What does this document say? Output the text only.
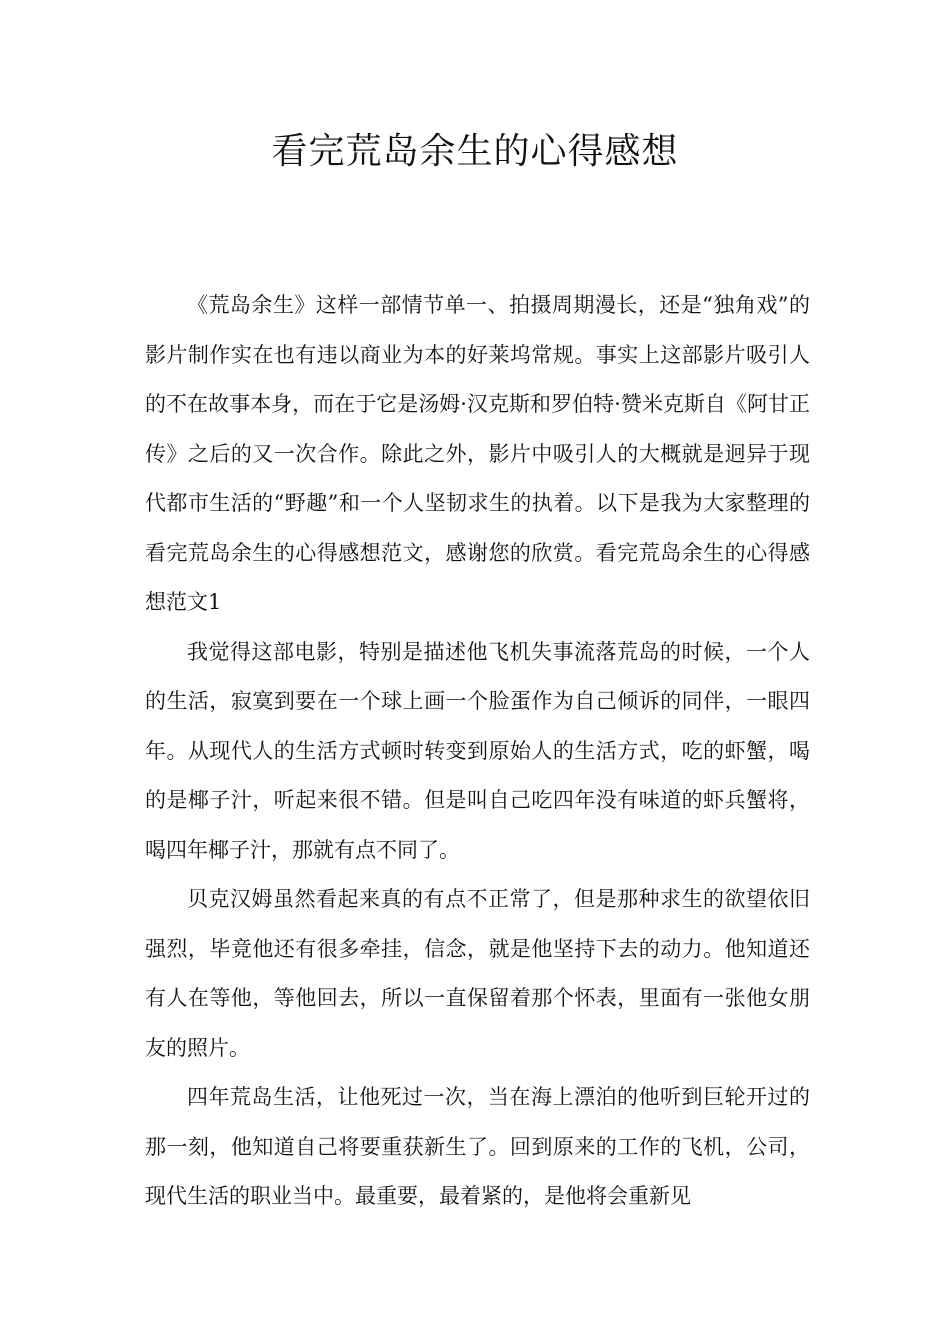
看完荒岛余生的心得感想

《荒岛余生》这样一部情节单一、拍摄周期漫长，还是“独角戏”的影片制作实在也有违以商业为本的好莱坞常规。事实上这部影片吸引人的不在故事本身，而在于它是汤姆·汉克斯和罗伯特·赞米克斯自《阿甘正传》之后的又一次合作。除此之外，影片中吸引人的大概就是迥异于现代都市生活的“野趣”和一个人坚韧求生的执着。以下是我为大家整理的看完荒岛余生的心得感想范文，感谢您的欣赏。看完荒岛余生的心得感想范文1

我觉得这部电影，特别是描述他飞机失事流落荒岛的时候，一个人的生活，寂寞到要在一个球上画一个脸蛋作为自己倾诉的同伴，一眼四年。从现代人的生活方式顿时转变到原始人的生活方式，吃的虾蟹，喝的是椰子汁，听起来很不错。但是叫自己吃四年没有味道的虾兵蟹将，喝四年椰子汁，那就有点不同了。

贝克汉姆虽然看起来真的有点不正常了，但是那种求生的欲望依旧强烈，毕竟他还有很多牵挂，信念，就是他坚持下去的动力。他知道还有人在等他，等他回去，所以一直保留着那个怀表，里面有一张他女朋友的照片。

四年荒岛生活，让他死过一次，当在海上漂泊的他听到巨轮开过的那一刻，他知道自己将要重获新生了。回到原来的工作的飞机，公司，现代生活的职业当中。最重要，最着紧的，是他将会重新见
